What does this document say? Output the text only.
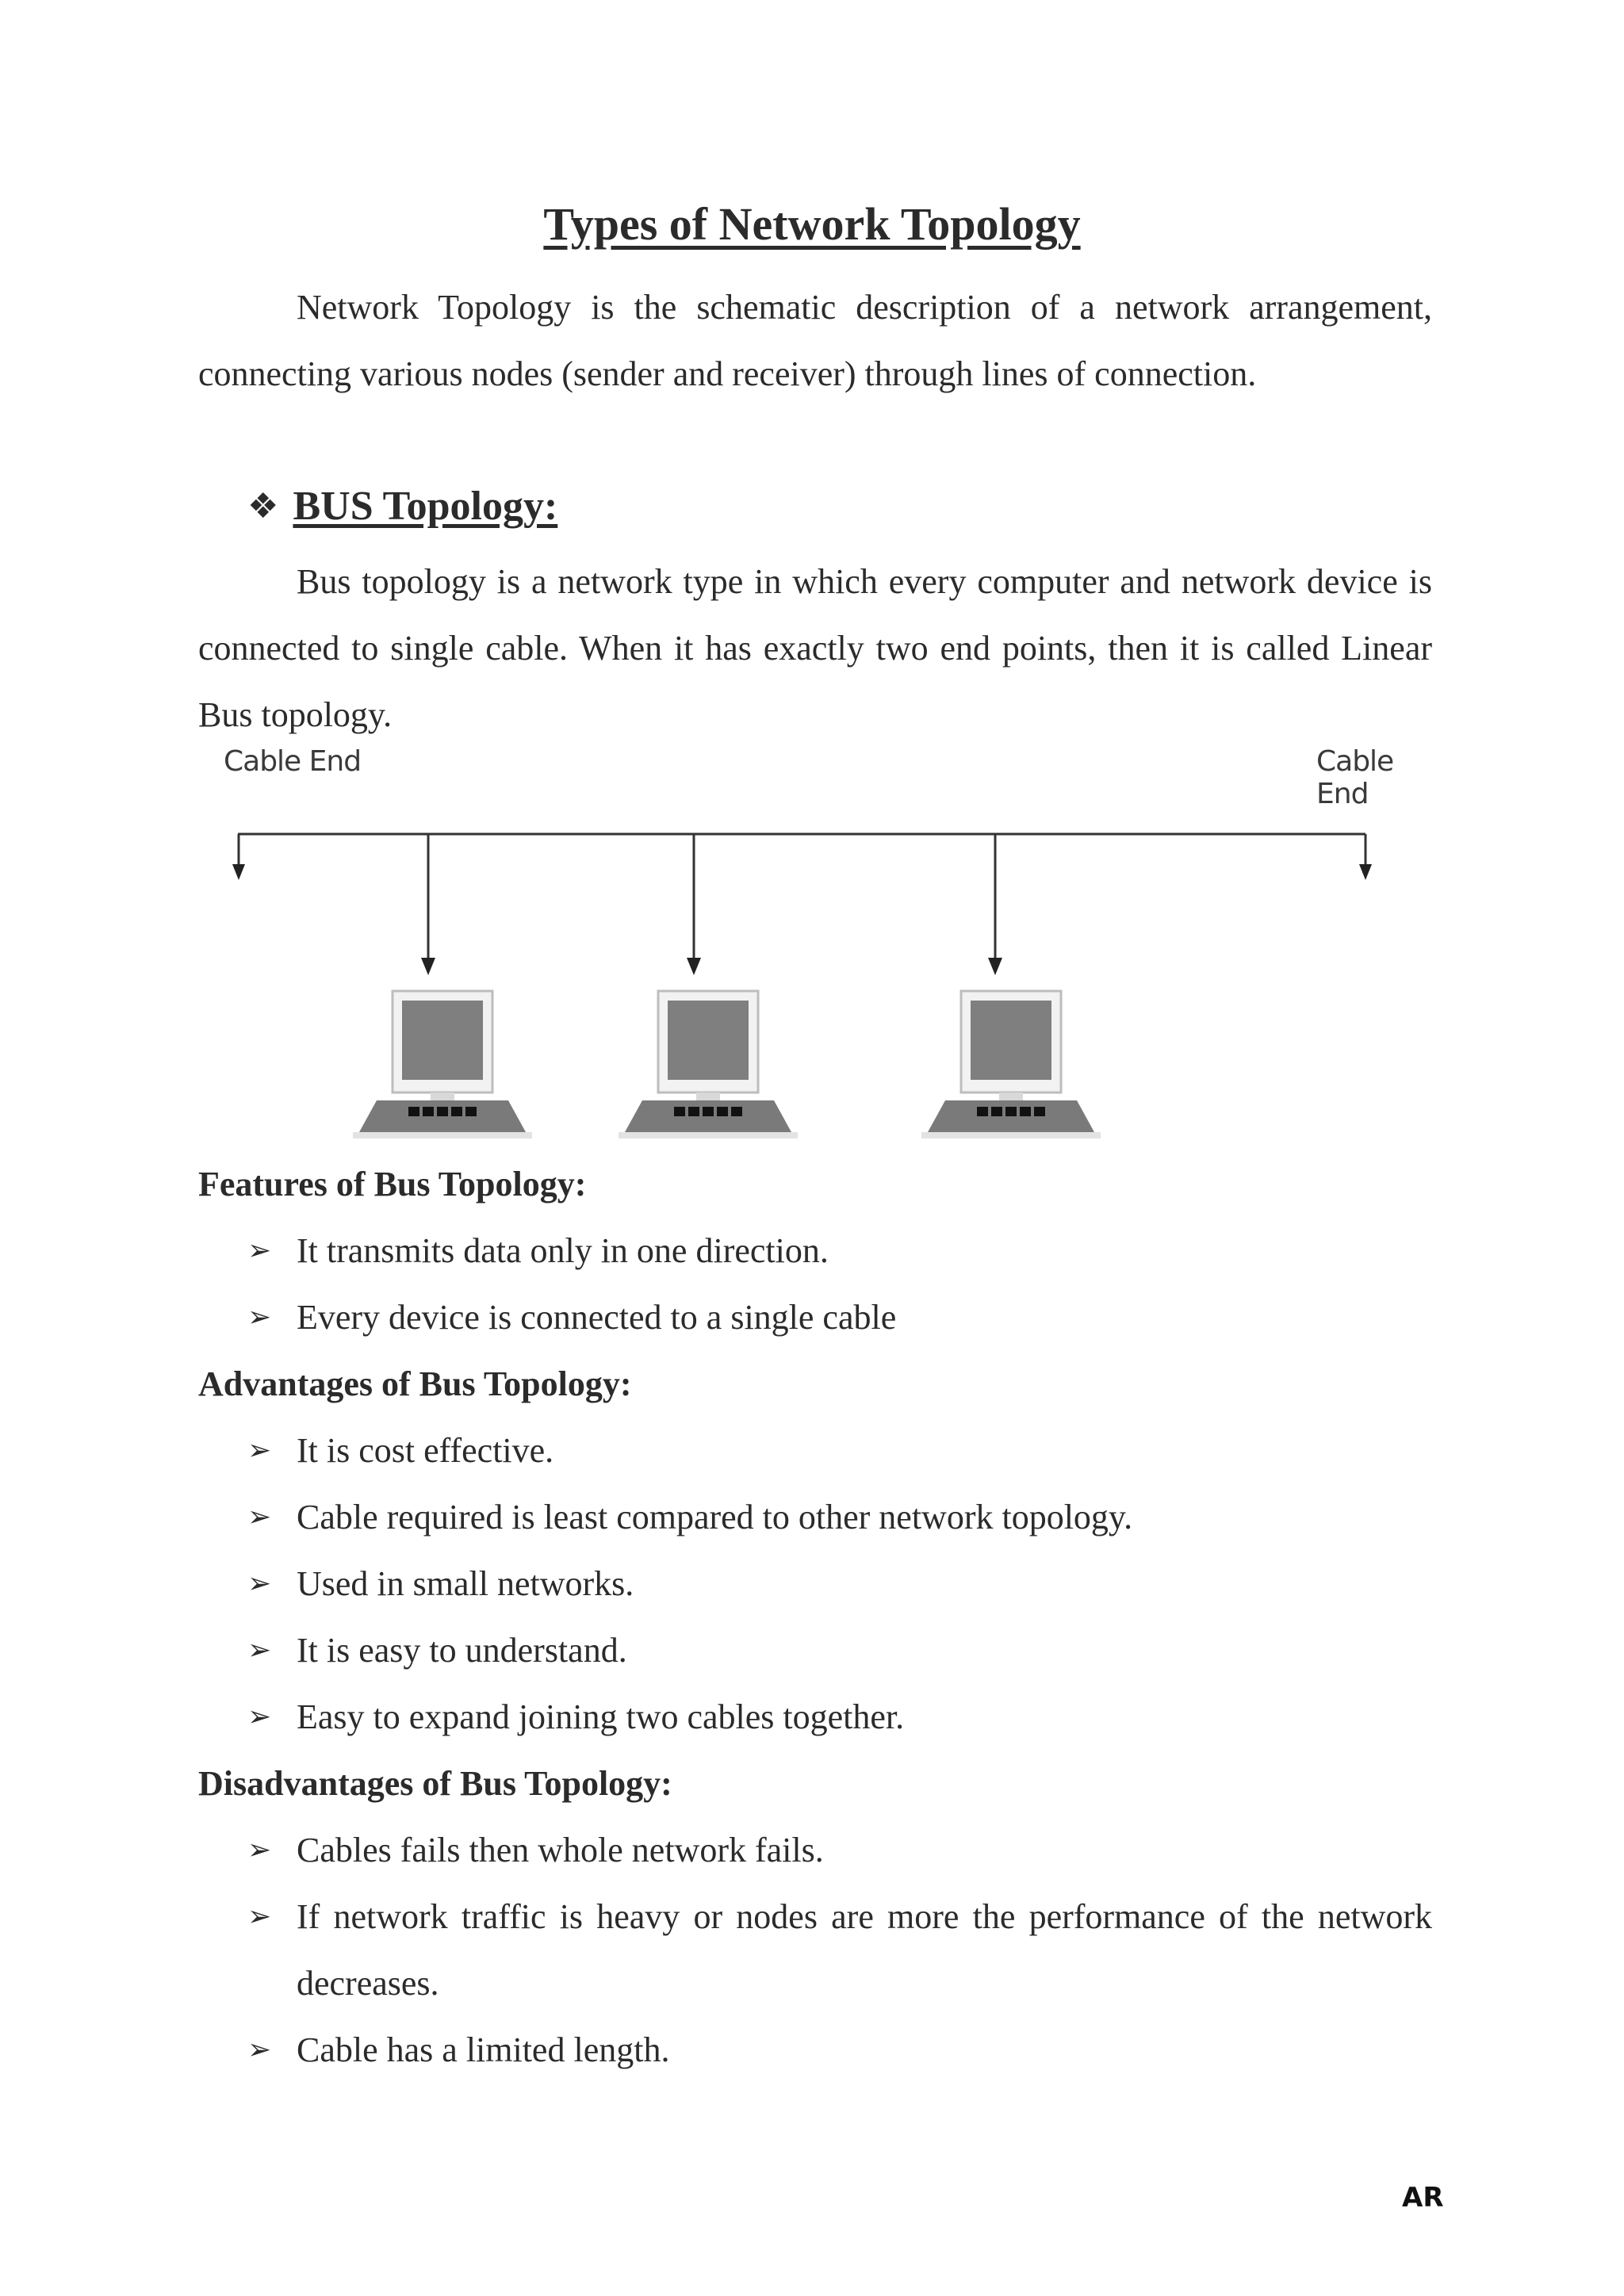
Types of Network Topology

Network Topology is the schematic description of a network arrangement, connecting various nodes (sender and receiver) through lines of connection.

❖ BUS Topology:

Bus topology is a network type in which every computer and network device is connected to single cable. When it has exactly two end points, then it is called Linear Bus topology.

Cable End	Cable End
Features of Bus Topology:

➢ It transmits data only in one direction.

➢ Every device is connected to a single cable

Advantages of Bus Topology:

➢ It is cost effective.

➢ Cable required is least compared to other network topology.

➢ Used in small networks.

➢ It is easy to understand.

➢ Easy to expand joining two cables together.

Disadvantages of Bus Topology:

➢ Cables fails then whole network fails.

➢ If network traffic is heavy or nodes are more the performance of the network decreases.

➢ Cable has a limited length.

AR
